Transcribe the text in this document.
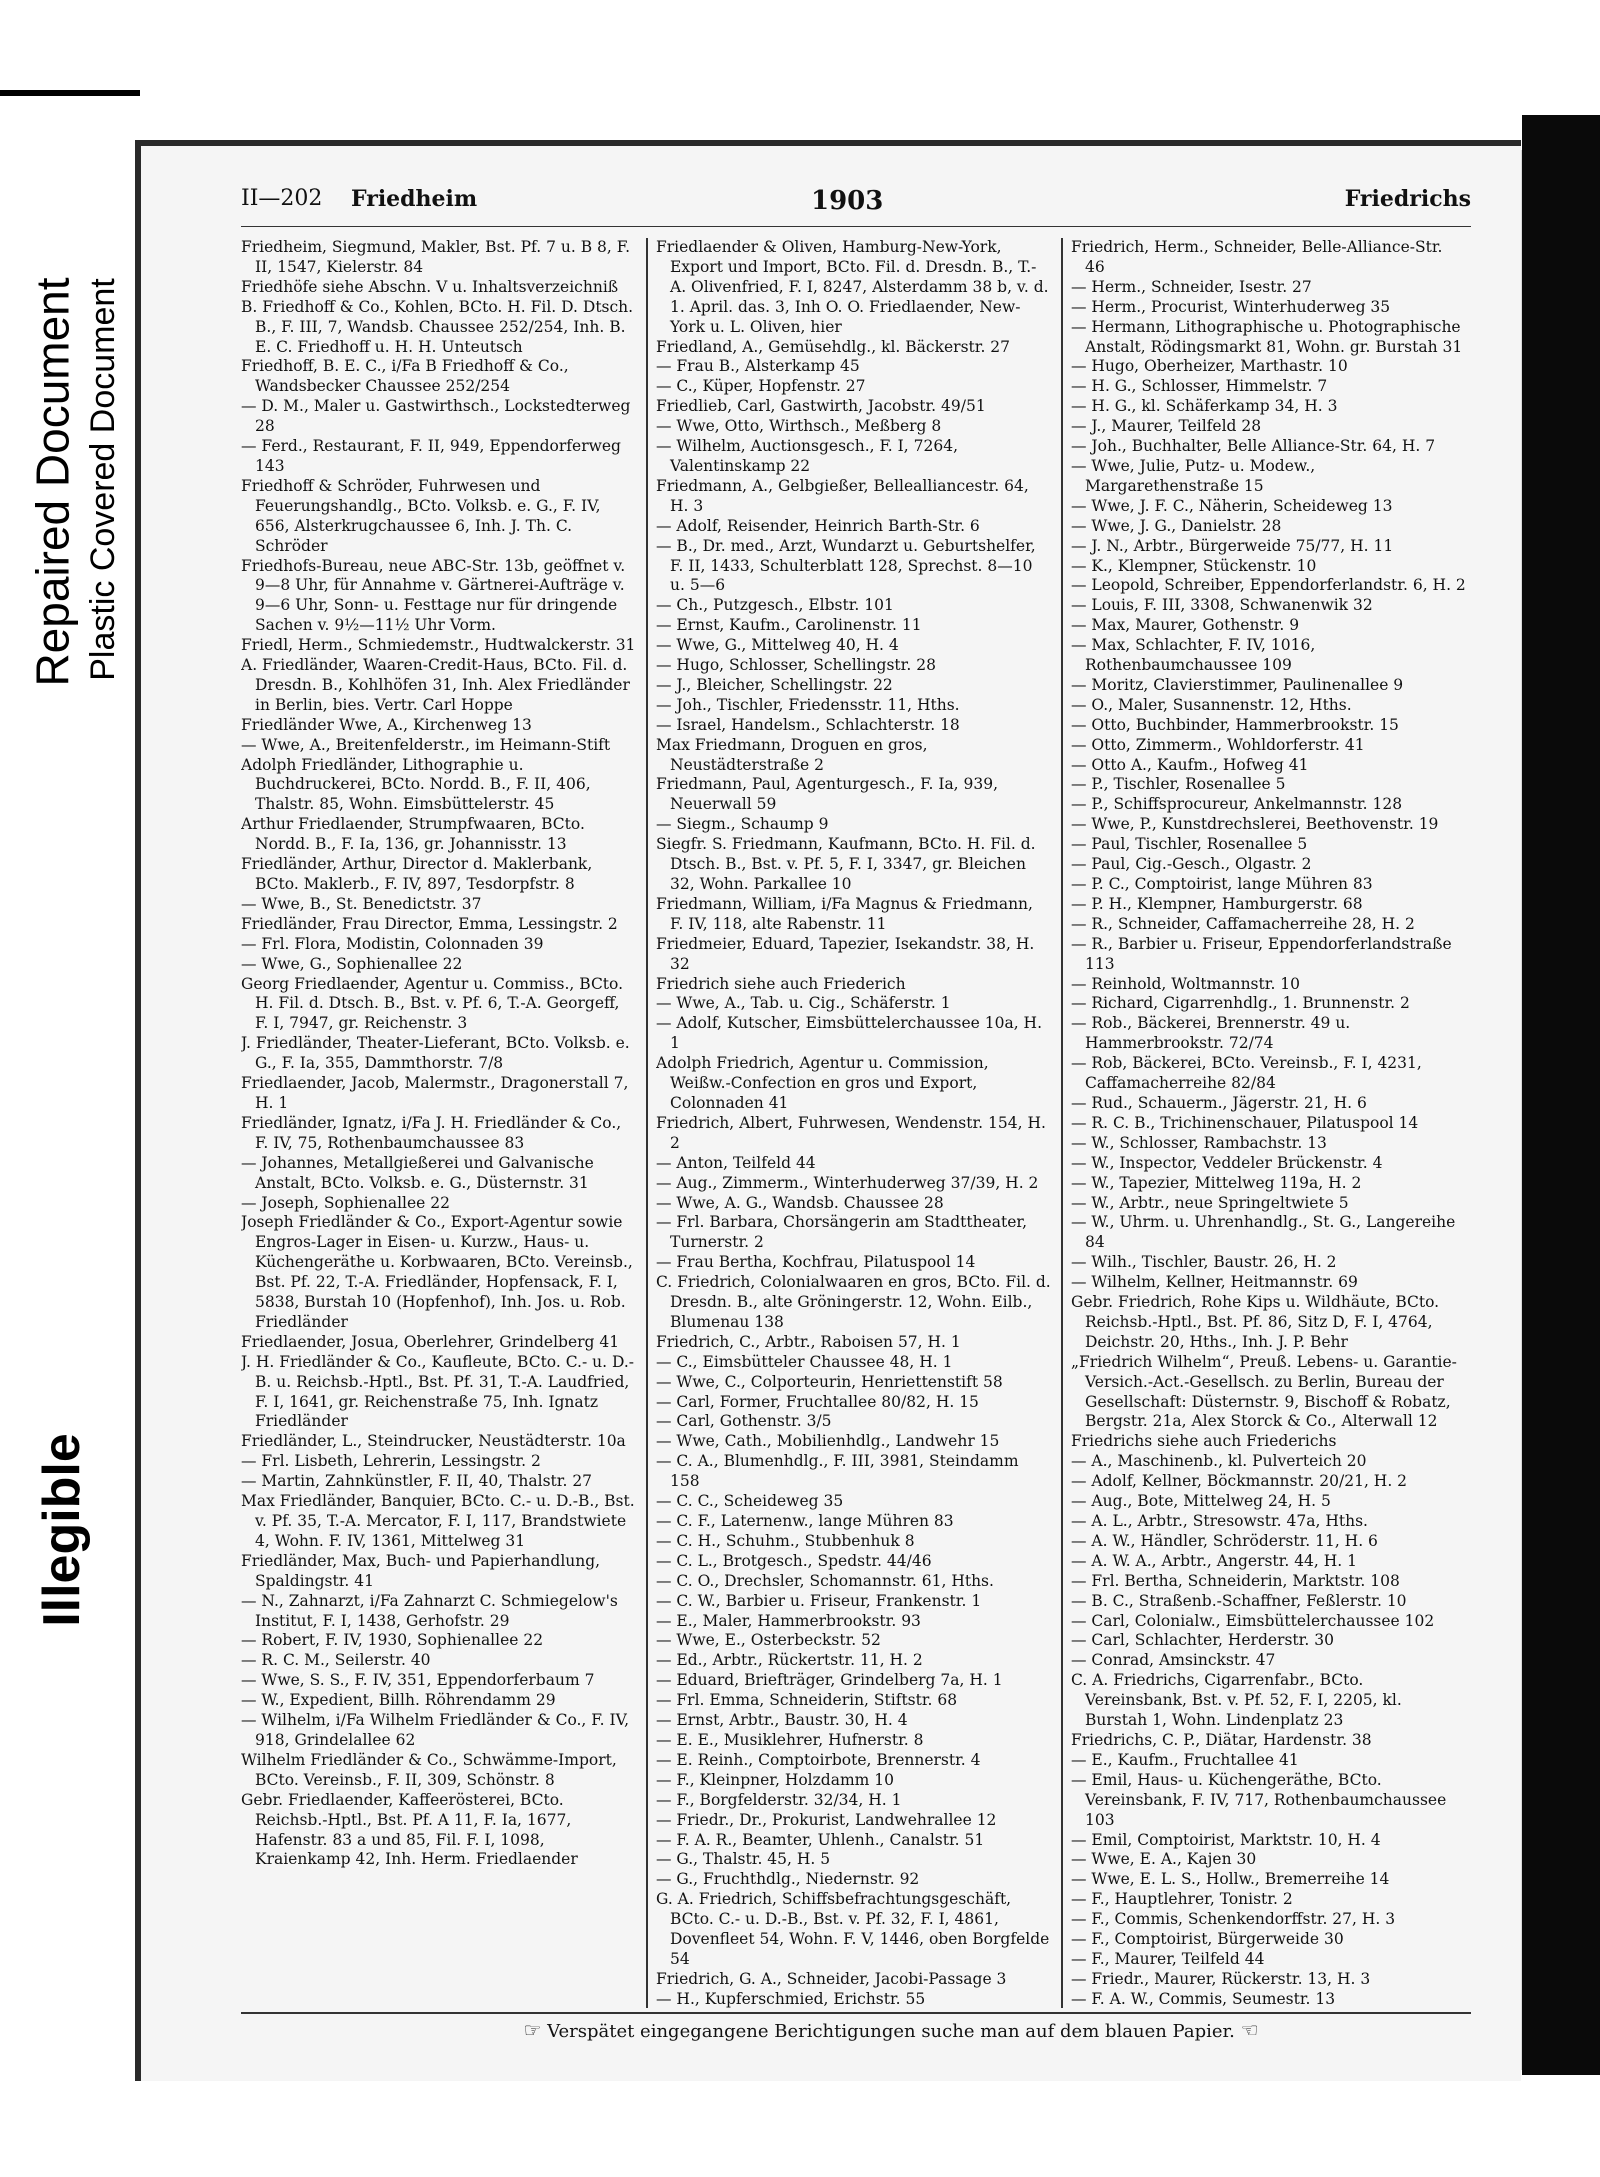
Repaired Document Plastic Covered Document
Illegible
II—202 Friedheim	1903	Friedrichs

Friedheim, Siegmund, Makler, Bst. Pf. 7 u. B 8, F. II, 1547, Kielerstr. 84

Friedhöfe siehe Abschn. V u. Inhaltsverzeichniß

B. Friedhoff & Co., Kohlen, BCto. H. Fil. D. Dtsch. B., F. III, 7, Wandsb. Chaussee 252/254, Inh. B. E. C. Friedhoff u. H. H. Unteutsch

Friedhoff, B. E. C., i/Fa B Friedhoff & Co., Wandsbecker Chaussee 252/254

— D. M., Maler u. Gastwirthsch., Lockstedterweg 28

— Ferd., Restaurant, F. II, 949, Eppendorferweg 143

Friedhoff & Schröder, Fuhrwesen und Feuerungshandlg., BCto. Volksb. e. G., F. IV, 656, Alsterkrugchaussee 6, Inh. J. Th. C. Schröder

Friedhofs-Bureau, neue ABC-Str. 13b, geöffnet v. 9—8 Uhr, für Annahme v. Gärtnerei-Aufträge v. 9—6 Uhr, Sonn- u. Festtage nur für dringende Sachen v. 9½—11½ Uhr Vorm.

Friedl, Herm., Schmiedemstr., Hudtwalckerstr. 31

A. Friedländer, Waaren-Credit-Haus, BCto. Fil. d. Dresdn. B., Kohlhöfen 31, Inh. Alex Friedländer in Berlin, bies. Vertr. Carl Hoppe

Friedländer Wwe, A., Kirchenweg 13

— Wwe, A., Breitenfelderstr., im Heimann-Stift

Adolph Friedländer, Lithographie u. Buchdruckerei, BCto. Nordd. B., F. II, 406, Thalstr. 85, Wohn. Eimsbüttelerstr. 45

Arthur Friedlaender, Strumpfwaaren, BCto. Nordd. B., F. Ia, 136, gr. Johannisstr. 13

Friedländer, Arthur, Director d. Maklerbank, BCto. Maklerb., F. IV, 897, Tesdorpfstr. 8

— Wwe, B., St. Benedictstr. 37

Friedländer, Frau Director, Emma, Lessingstr. 2

— Frl. Flora, Modistin, Colonnaden 39

— Wwe, G., Sophienallee 22

Georg Friedlaender, Agentur u. Commiss., BCto. H. Fil. d. Dtsch. B., Bst. v. Pf. 6, T.-A. Georgeff, F. I, 7947, gr. Reichenstr. 3

J. Friedländer, Theater-Lieferant, BCto. Volksb. e. G., F. Ia, 355, Dammthorstr. 7/8

Friedlaender, Jacob, Malermstr., Dragonerstall 7, H. 1

Friedländer, Ignatz, i/Fa J. H. Friedländer & Co., F. IV, 75, Rothenbaumchaussee 83

— Johannes, Metallgießerei und Galvanische Anstalt, BCto. Volksb. e. G., Düsternstr. 31

— Joseph, Sophienallee 22

Joseph Friedländer & Co., Export-Agentur sowie Engros-Lager in Eisen- u. Kurzw., Haus- u. Küchengeräthe u. Korbwaaren, BCto. Vereinsb., Bst. Pf. 22, T.-A. Friedländer, Hopfensack, F. I, 5838, Burstah 10 (Hopfenhof), Inh. Jos. u. Rob. Friedländer

Friedlaender, Josua, Oberlehrer, Grindelberg 41

J. H. Friedländer & Co., Kaufleute, BCto. C.- u. D.-B. u. Reichsb.-Hptl., Bst. Pf. 31, T.-A. Laudfried, F. I, 1641, gr. Reichenstraße 75, Inh. Ignatz Friedländer

Friedländer, L., Steindrucker, Neustädterstr. 10a

— Frl. Lisbeth, Lehrerin, Lessingstr. 2

— Martin, Zahnkünstler, F. II, 40, Thalstr. 27

Max Friedländer, Banquier, BCto. C.- u. D.-B., Bst. v. Pf. 35, T.-A. Mercator, F. I, 117, Brandstwiete 4, Wohn. F. IV, 1361, Mittelweg 31

Friedländer, Max, Buch- und Papierhandlung, Spaldingstr. 41

— N., Zahnarzt, i/Fa Zahnarzt C. Schmiegelow's Institut, F. I, 1438, Gerhofstr. 29

— Robert, F. IV, 1930, Sophienallee 22

— R. C. M., Seilerstr. 40

— Wwe, S. S., F. IV, 351, Eppendorferbaum 7

— W., Expedient, Billh. Röhrendamm 29

— Wilhelm, i/Fa Wilhelm Friedländer & Co., F. IV, 918, Grindelallee 62

Wilhelm Friedländer & Co., Schwämme-Import, BCto. Vereinsb., F. II, 309, Schönstr. 8

Gebr. Friedlaender, Kaffeerösterei, BCto. Reichsb.-Hptl., Bst. Pf. A 11, F. Ia, 1677, Hafenstr. 83 a und 85, Fil. F. I, 1098, Kraienkamp 42, Inh. Herm. Friedlaender

Friedlaender & Oliven, Hamburg-New-York, Export und Import, BCto. Fil. d. Dresdn. B., T.-A. Olivenfried, F. I, 8247, Alsterdamm 38 b, v. d. 1. April. das. 3, Inh O. O. Friedlaender, New-York u. L. Oliven, hier

Friedland, A., Gemüsehdlg., kl. Bäckerstr. 27

— Frau B., Alsterkamp 45

— C., Küper, Hopfenstr. 27

Friedlieb, Carl, Gastwirth, Jacobstr. 49/51

— Wwe, Otto, Wirthsch., Meßberg 8

— Wilhelm, Auctionsgesch., F. I, 7264, Valentinskamp 22

Friedmann, A., Gelbgießer, Bellealliancestr. 64, H. 3

— Adolf, Reisender, Heinrich Barth-Str. 6

— B., Dr. med., Arzt, Wundarzt u. Geburtshelfer, F. II, 1433, Schulterblatt 128, Sprechst. 8—10 u. 5—6

— Ch., Putzgesch., Elbstr. 101

— Ernst, Kaufm., Carolinenstr. 11

— Wwe, G., Mittelweg 40, H. 4

— Hugo, Schlosser, Schellingstr. 28

— J., Bleicher, Schellingstr. 22

— Joh., Tischler, Friedensstr. 11, Hths.

— Israel, Handelsm., Schlachterstr. 18

Max Friedmann, Droguen en gros, Neustädterstraße 2

Friedmann, Paul, Agenturgesch., F. Ia, 939, Neuerwall 59

— Siegm., Schaump 9

Siegfr. S. Friedmann, Kaufmann, BCto. H. Fil. d. Dtsch. B., Bst. v. Pf. 5, F. I, 3347, gr. Bleichen 32, Wohn. Parkallee 10

Friedmann, William, i/Fa Magnus & Friedmann, F. IV, 118, alte Rabenstr. 11

Friedmeier, Eduard, Tapezier, Isekandstr. 38, H. 32

Friedrich siehe auch Friederich

— Wwe, A., Tab. u. Cig., Schäferstr. 1

— Adolf, Kutscher, Eimsbüttelerchaussee 10a, H. 1

Adolph Friedrich, Agentur u. Commission, Weißw.-Confection en gros und Export, Colonnaden 41

Friedrich, Albert, Fuhrwesen, Wendenstr. 154, H. 2

— Anton, Teilfeld 44

— Aug., Zimmerm., Winterhuderweg 37/39, H. 2

— Wwe, A. G., Wandsb. Chaussee 28

— Frl. Barbara, Chorsängerin am Stadttheater, Turnerstr. 2

— Frau Bertha, Kochfrau, Pilatuspool 14

C. Friedrich, Colonialwaaren en gros, BCto. Fil. d. Dresdn. B., alte Gröningerstr. 12, Wohn. Eilb., Blumenau 138

Friedrich, C., Arbtr., Raboisen 57, H. 1

— C., Eimsbütteler Chaussee 48, H. 1

— Wwe, C., Colporteurin, Henriettenstift 58

— Carl, Former, Fruchtallee 80/82, H. 15

— Carl, Gothenstr. 3/5

— Wwe, Cath., Mobilienhdlg., Landwehr 15

— C. A., Blumenhdlg., F. III, 3981, Steindamm 158

— C. C., Scheideweg 35

— C. F., Laternenw., lange Mühren 83

— C. H., Schuhm., Stubbenhuk 8

— C. L., Brotgesch., Spedstr. 44/46

— C. O., Drechsler, Schomannstr. 61, Hths.

— C. W., Barbier u. Friseur, Frankenstr. 1

— E., Maler, Hammerbrookstr. 93

— Wwe, E., Osterbeckstr. 52

— Ed., Arbtr., Rückertstr. 11, H. 2

— Eduard, Briefträger, Grindelberg 7a, H. 1

— Frl. Emma, Schneiderin, Stiftstr. 68

— Ernst, Arbtr., Baustr. 30, H. 4

— E. E., Musiklehrer, Hufnerstr. 8

— E. Reinh., Comptoirbote, Brennerstr. 4

— F., Kleinpner, Holzdamm 10

— F., Borgfelderstr. 32/34, H. 1

— Friedr., Dr., Prokurist, Landwehrallee 12

— F. A. R., Beamter, Uhlenh., Canalstr. 51

— G., Thalstr. 45, H. 5

— G., Fruchthdlg., Niedernstr. 92

G. A. Friedrich, Schiffsbefrachtungsgeschäft, BCto. C.- u. D.-B., Bst. v. Pf. 32, F. I, 4861, Dovenfleet 54, Wohn. F. V, 1446, oben Borgfelde 54

Friedrich, G. A., Schneider, Jacobi-Passage 3

— H., Kupferschmied, Erichstr. 55

Friedrich, Herm., Schneider, Belle-Alliance-Str. 46

— Herm., Schneider, Isestr. 27

— Herm., Procurist, Winterhuderweg 35

— Hermann, Lithographische u. Photographische Anstalt, Rödingsmarkt 81, Wohn. gr. Burstah 31

— Hugo, Oberheizer, Marthastr. 10

— H. G., Schlosser, Himmelstr. 7

— H. G., kl. Schäferkamp 34, H. 3

— J., Maurer, Teilfeld 28

— Joh., Buchhalter, Belle Alliance-Str. 64, H. 7

— Wwe, Julie, Putz- u. Modew., Margarethenstraße 15

— Wwe, J. F. C., Näherin, Scheideweg 13

— Wwe, J. G., Danielstr. 28

— J. N., Arbtr., Bürgerweide 75/77, H. 11

— K., Klempner, Stückenstr. 10

— Leopold, Schreiber, Eppendorferlandstr. 6, H. 2

— Louis, F. III, 3308, Schwanenwik 32

— Max, Maurer, Gothenstr. 9

— Max, Schlachter, F. IV, 1016, Rothenbaumchaussee 109

— Moritz, Clavierstimmer, Paulinenallee 9

— O., Maler, Susannenstr. 12, Hths.

— Otto, Buchbinder, Hammerbrookstr. 15

— Otto, Zimmerm., Wohldorferstr. 41

— Otto A., Kaufm., Hofweg 41

— P., Tischler, Rosenallee 5

— P., Schiffsprocureur, Ankelmannstr. 128

— Wwe, P., Kunstdrechslerei, Beethovenstr. 19

— Paul, Tischler, Rosenallee 5

— Paul, Cig.-Gesch., Olgastr. 2

— P. C., Comptoirist, lange Mühren 83

— P. H., Klempner, Hamburgerstr. 68

— R., Schneider, Caffamacherreihe 28, H. 2

— R., Barbier u. Friseur, Eppendorferlandstraße 113

— Reinhold, Woltmannstr. 10

— Richard, Cigarrenhdlg., 1. Brunnenstr. 2

— Rob., Bäckerei, Brennerstr. 49 u. Hammerbrookstr. 72/74

— Rob, Bäckerei, BCto. Vereinsb., F. I, 4231, Caffamacherreihe 82/84

— Rud., Schauerm., Jägerstr. 21, H. 6

— R. C. B., Trichinenschauer, Pilatuspool 14

— W., Schlosser, Rambachstr. 13

— W., Inspector, Veddeler Brückenstr. 4

— W., Tapezier, Mittelweg 119a, H. 2

— W., Arbtr., neue Springeltwiete 5

— W., Uhrm. u. Uhrenhandlg., St. G., Langereihe 84

— Wilh., Tischler, Baustr. 26, H. 2

— Wilhelm, Kellner, Heitmannstr. 69

Gebr. Friedrich, Rohe Kips u. Wildhäute, BCto. Reichsb.-Hptl., Bst. Pf. 86, Sitz D, F. I, 4764, Deichstr. 20, Hths., Inh. J. P. Behr

„Friedrich Wilhelm“, Preuß. Lebens- u. Garantie-Versich.-Act.-Gesellsch. zu Berlin, Bureau der Gesellschaft: Düsternstr. 9, Bischoff & Robatz, Bergstr. 21a, Alex Storck & Co., Alterwall 12

Friedrichs siehe auch Friederichs

— A., Maschinenb., kl. Pulverteich 20

— Adolf, Kellner, Böckmannstr. 20/21, H. 2

— Aug., Bote, Mittelweg 24, H. 5

— A. L., Arbtr., Stresowstr. 47a, Hths.

— A. W., Händler, Schröderstr. 11, H. 6

— A. W. A., Arbtr., Angerstr. 44, H. 1

— Frl. Bertha, Schneiderin, Marktstr. 108

— B. C., Straßenb.-Schaffner, Feßlerstr. 10

— Carl, Colonialw., Eimsbüttelerchaussee 102

— Carl, Schlachter, Herderstr. 30

— Conrad, Amsinckstr. 47

C. A. Friedrichs, Cigarrenfabr., BCto. Vereinsbank, Bst. v. Pf. 52, F. I, 2205, kl. Burstah 1, Wohn. Lindenplatz 23

Friedrichs, C. P., Diätar, Hardenstr. 38

— E., Kaufm., Fruchtallee 41

— Emil, Haus- u. Küchengeräthe, BCto. Vereinsbank, F. IV, 717, Rothenbaumchaussee 103

— Emil, Comptoirist, Marktstr. 10, H. 4

— Wwe, E. A., Kajen 30

— Wwe, E. L. S., Hollw., Bremerreihe 14

— F., Hauptlehrer, Tonistr. 2

— F., Commis, Schenkendorffstr. 27, H. 3

— F., Comptoirist, Bürgerweide 30

— F., Maurer, Teilfeld 44

— Friedr., Maurer, Rückerstr. 13, H. 3

— F. A. W., Commis, Seumestr. 13

☞ Verspätet eingegangene Berichtigungen suche man auf dem blauen Papier. ☜
